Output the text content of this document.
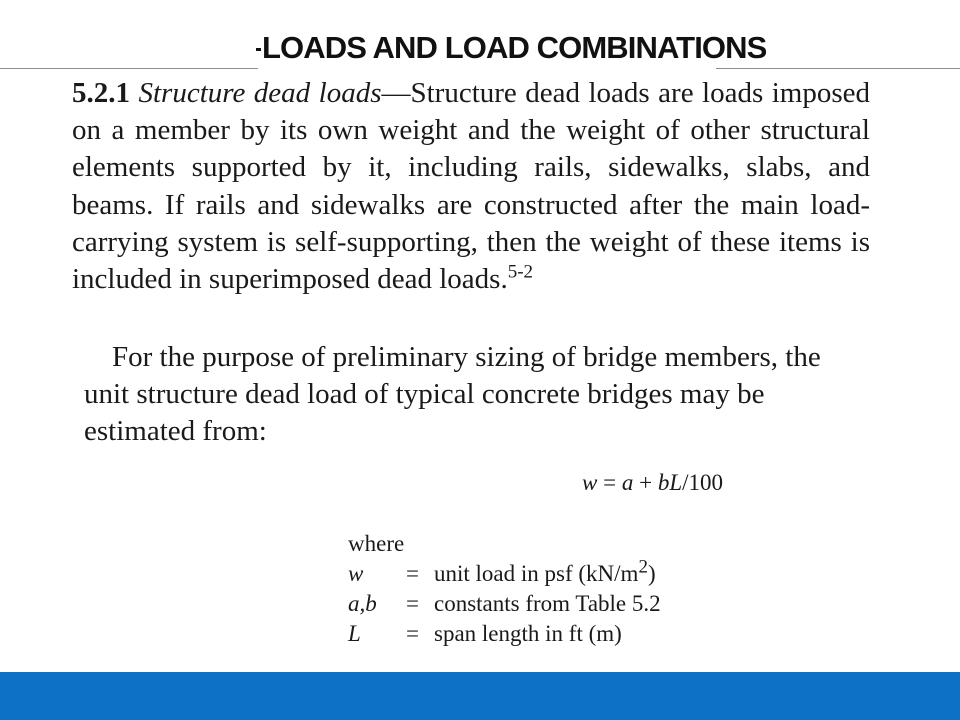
LOADS AND LOAD COMBINATIONS

5.2.1 Structure dead loads—Structure dead loads are loads imposed on a member by its own weight and the weight of other structural elements supported by it, including rails, sidewalks, slabs, and beams. If rails and sidewalks are constructed after the main load-carrying system is self-supporting, then the weight of these items is included in superimposed dead loads.$^{5-2}$

For the purpose of preliminary sizing of bridge members, the unit structure dead load of typical concrete bridges may be estimated from:

w = a + bL/100
where
w	=	unit load in psf $(kN/m^2)$
a,b	=	constants from Table 5.2
L	=	span length in ft (m)
